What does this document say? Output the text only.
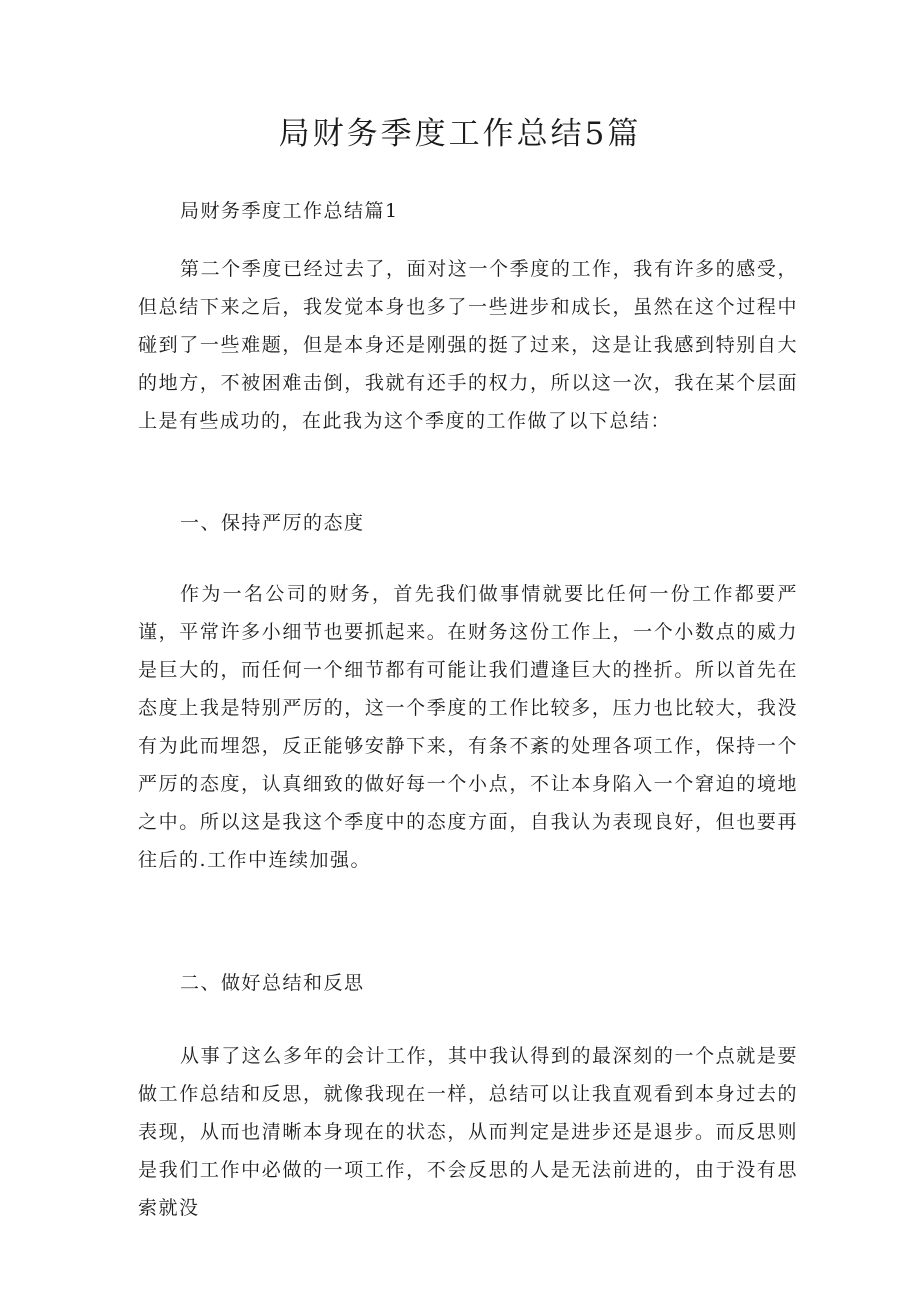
局财务季度工作总结5篇

局财务季度工作总结篇1

第二个季度已经过去了，面对这一个季度的工作，我有许多的感受，但总结下来之后，我发觉本身也多了一些进步和成长，虽然在这个过程中碰到了一些难题，但是本身还是刚强的挺了过来，这是让我感到特别自大的地方，不被困难击倒，我就有还手的权力，所以这一次，我在某个层面上是有些成功的，在此我为这个季度的工作做了以下总结：

一、保持严厉的态度

作为一名公司的财务，首先我们做事情就要比任何一份工作都要严谨，平常许多小细节也要抓起来。在财务这份工作上，一个小数点的威力是巨大的，而任何一个细节都有可能让我们遭逢巨大的挫折。所以首先在态度上我是特别严厉的，这一个季度的工作比较多，压力也比较大，我没有为此而埋怨，反正能够安静下来，有条不紊的处理各项工作，保持一个严厉的态度，认真细致的做好每一个小点，不让本身陷入一个窘迫的境地之中。所以这是我这个季度中的态度方面，自我认为表现良好，但也要再往后的.工作中连续加强。

二、做好总结和反思

从事了这么多年的会计工作，其中我认得到的最深刻的一个点就是要做工作总结和反思，就像我现在一样，总结可以让我直观看到本身过去的表现，从而也清晰本身现在的状态，从而判定是进步还是退步。而反思则是我们工作中必做的一项工作，不会反思的人是无法前进的，由于没有思索就没
